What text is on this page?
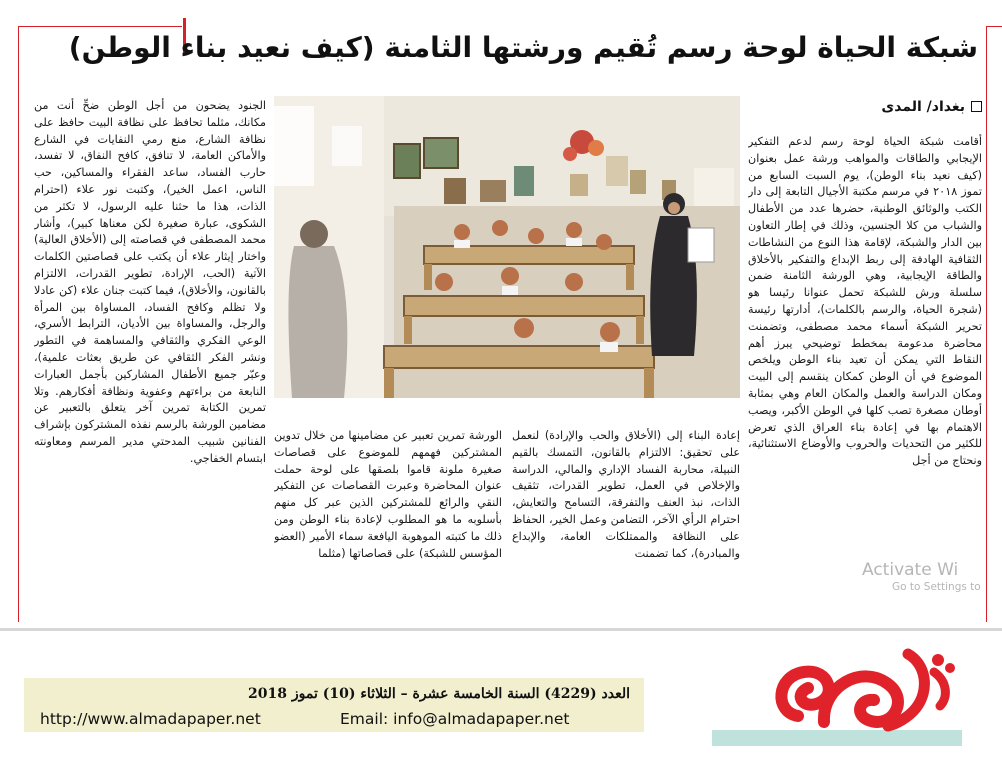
شبكة الحياة لوحة رسم تُقيم ورشتها الثامنة (كيف نعيد بناء الوطن)
بغداد/ المدى

أقامت شبكة الحياة لوحة رسم لدعم التفكير الإيجابي والطاقات والمواهب ورشة عمل بعنوان (كيف نعيد بناء الوطن)، يوم السبت السابع من تموز ٢٠١٨ في مرسم مكتبة الأجيال التابعة إلى دار الكتب والوثائق الوطنية، حضرها عدد من الأطفال والشباب من كلا الجنسين، وذلك في إطار التعاون بين الدار والشبكة، لإقامة هذا النوع من النشاطات الثقافية الهادفة إلى ربط الإبداع والتفكير بالأخلاق والطاقة الإيجابية، وهي الورشة الثامنة ضمن سلسلة ورش للشبكة تحمل عنوانا رئيسا هو (شجرة الحياة، والرسم بالكلمات)، أدارتها رئيسة تحرير الشبكة أسماء محمد مصطفى، وتضمنت محاضرة مدعومة بمخطط توضيحي يبرز أهم النقاط التي يمكن أن تعيد بناء الوطن ويلخص الموضوع في أن الوطن كمكان ينقسم إلى البيت ومكان الدراسة والعمل والمكان العام وهي بمثابة أوطان مصغرة تصب كلها في الوطن الأكبر، ويصب الاهتمام بها في إعادة بناء العراق الذي تعرض للكثير من التحديات والحروب والأوضاع الاستثنائية، ونحتاج من أجل

إعادة البناء إلى (الأخلاق والحب والإرادة) لنعمل على تحقيق: الالتزام بالقانون، التمسك بالقيم النبيلة، محاربة الفساد الإداري والمالي، الدراسة والإخلاص في العمل، تطوير القدرات، تثقيف الذات، نبذ العنف والتفرقة، التسامح والتعايش، احترام الرأي الآخر، التضامن وعمل الخير، الحفاظ على النظافة والممتلكات العامة، والإبداع والمبادرة)، كما تضمنت

الورشة تمرين تعبير عن مضامينها من خلال تدوين المشتركين فهمهم للموضوع على قصاصات صغيرة ملونة قاموا بلصقها على لوحة حملت عنوان المحاضرة وعبرت القصاصات عن التفكير النقي والرائع للمشتركين الذين عبر كل منهم بأسلوبه ما هو المطلوب لإعادة بناء الوطن ومن ذلك ما كتبته الموهوبة اليافعة سماء الأمير (العضو المؤسس للشبكة) على قصاصاتها (مثلما

الجنود يضحون من أجل الوطن ضحِّ أنت من مكانك، مثلما تحافظ على نظافة البيت حافظ على نظافة الشارع، منع رمي النفايات في الشارع والأماكن العامة، لا تنافق، كافح النفاق، لا تفسد، حارب الفساد، ساعد الفقراء والمساكين، حب الناس، اعمل الخير)، وكتبت نور علاء (احترام الذات، هذا ما حثنا عليه الرسول، لا تكثر من الشكوى، عبارة صغيرة لكن معناها كبير)، وأشار محمد المصطفى في قصاصته إلى (الأخلاق العالية) واختار إيثار علاء أن يكتب على قصاصتين الكلمات الآتية (الحب، الإرادة، تطوير القدرات، الالتزام بالقانون، والأخلاق)، فيما كتبت جنان علاء (كن عادلا ولا تظلم وكافح الفساد، المساواة بين المرأة والرجل، والمساواة بين الأديان، الترابط الأسري، الوعي الفكري والثقافي والمساهمة في التطور ونشر الفكر الثقافي عن طريق بعثات علمية)، وعبّر جميع الأطفال المشاركين بأجمل العبارات النابعة من براءتهم وعفوية ونظافة أفكارهم. وتلا تمرين الكتابة تمرين آخر يتعلق بالتعبير عن مضامين الورشة بالرسم نفذه المشتركون بإشراف الفنانين شبيب المدحتي مدير المرسم ومعاونته ابتسام الخفاجي.

Activate Wi
Go to Settings to
العدد (4229) السنة الخامسة عشرة – الثلاثاء (10) تموز 2018
http://www.almadapaper.net	Email: info@almadapaper.net
